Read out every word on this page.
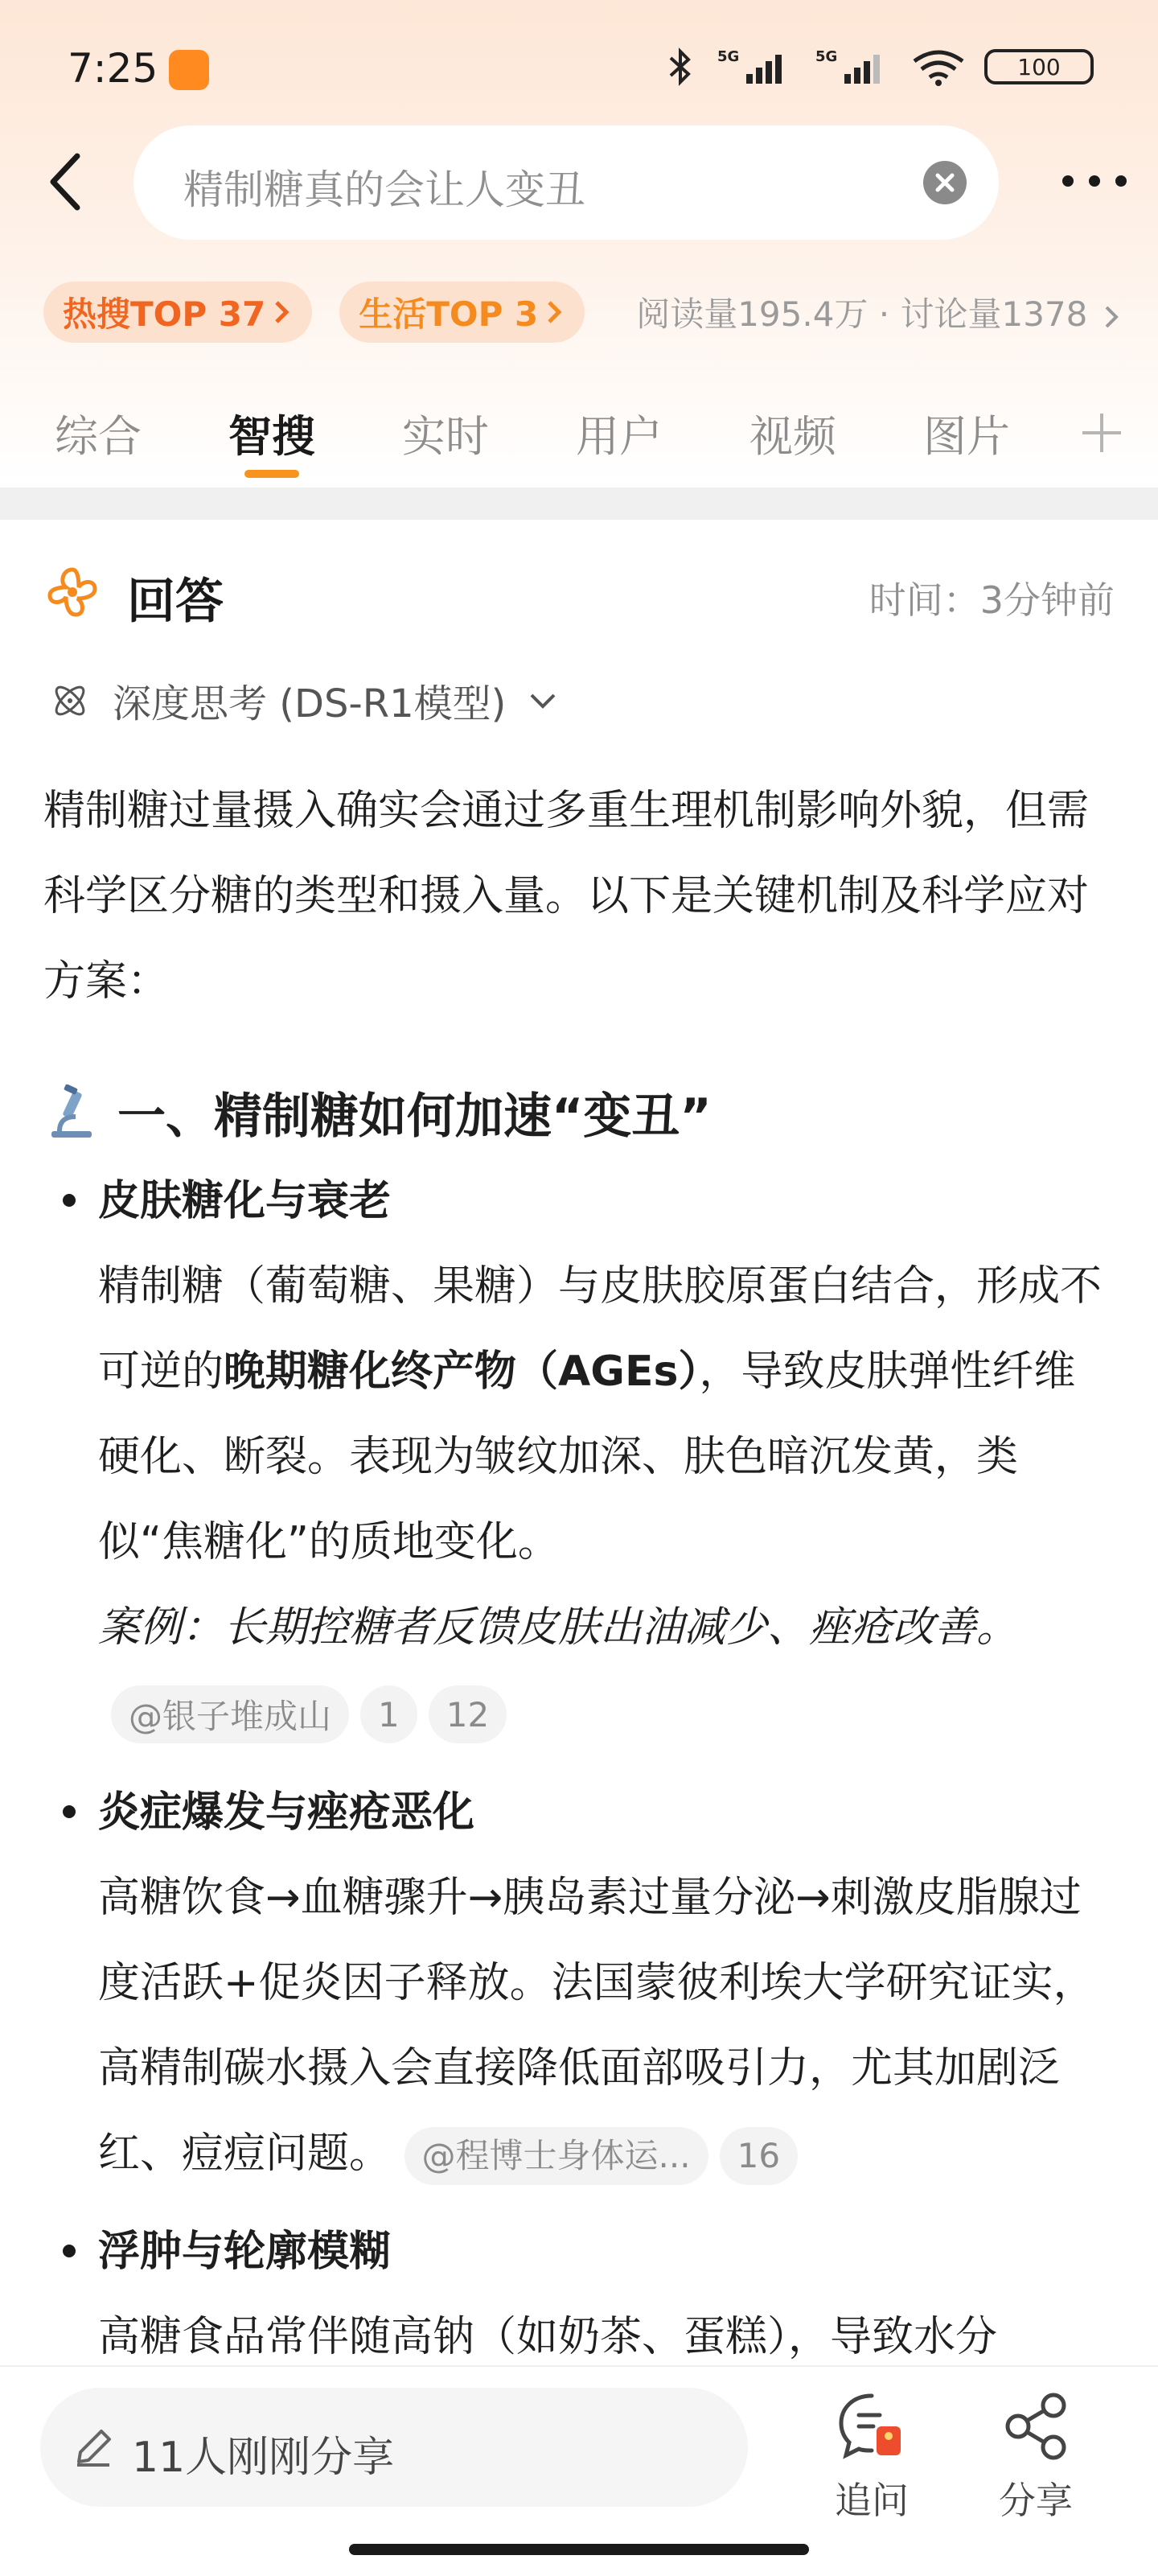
7:25	5G	5G	100
精制糖真的会让人变丑
热搜TOP 37	生活TOP 3	阅读量195.4万 · 讨论量1378
综合 智搜 实时 用户 视频 图片
回答	时间：3分钟前
深度思考 (DS-R1模型)

精制糖过量摄入确实会通过多重生理机制影响外貌，但需科学区分糖的类型和摄入量。以下是关键机制及科学应对方案：

一、精制糖如何加速“变丑”
皮肤糖化与衰老
精制糖（葡萄糖、果糖）与皮肤胶原蛋白结合，形成不可逆的晚期糖化终产物（AGEs），导致皮肤弹性纤维硬化、断裂。表现为皱纹加深、肤色暗沉发黄，类似“焦糖化”的质地变化。
案例：长期控糖者反馈皮肤出油减少、痤疮改善。
@银子堆成山	1	12
炎症爆发与痤疮恶化
高糖饮食→血糖骤升→胰岛素过量分泌→刺激皮脂腺过度活跃+促炎因子释放。法国蒙彼利埃大学研究证实，高精制碳水摄入会直接降低面部吸引力，尤其加剧泛红、痘痘问题。 @程博士身体运... 16
浮肿与轮廓模糊
高糖食品常伴随高钠（如奶茶、蛋糕），导致水分
11人刚刚分享
追问	分享
